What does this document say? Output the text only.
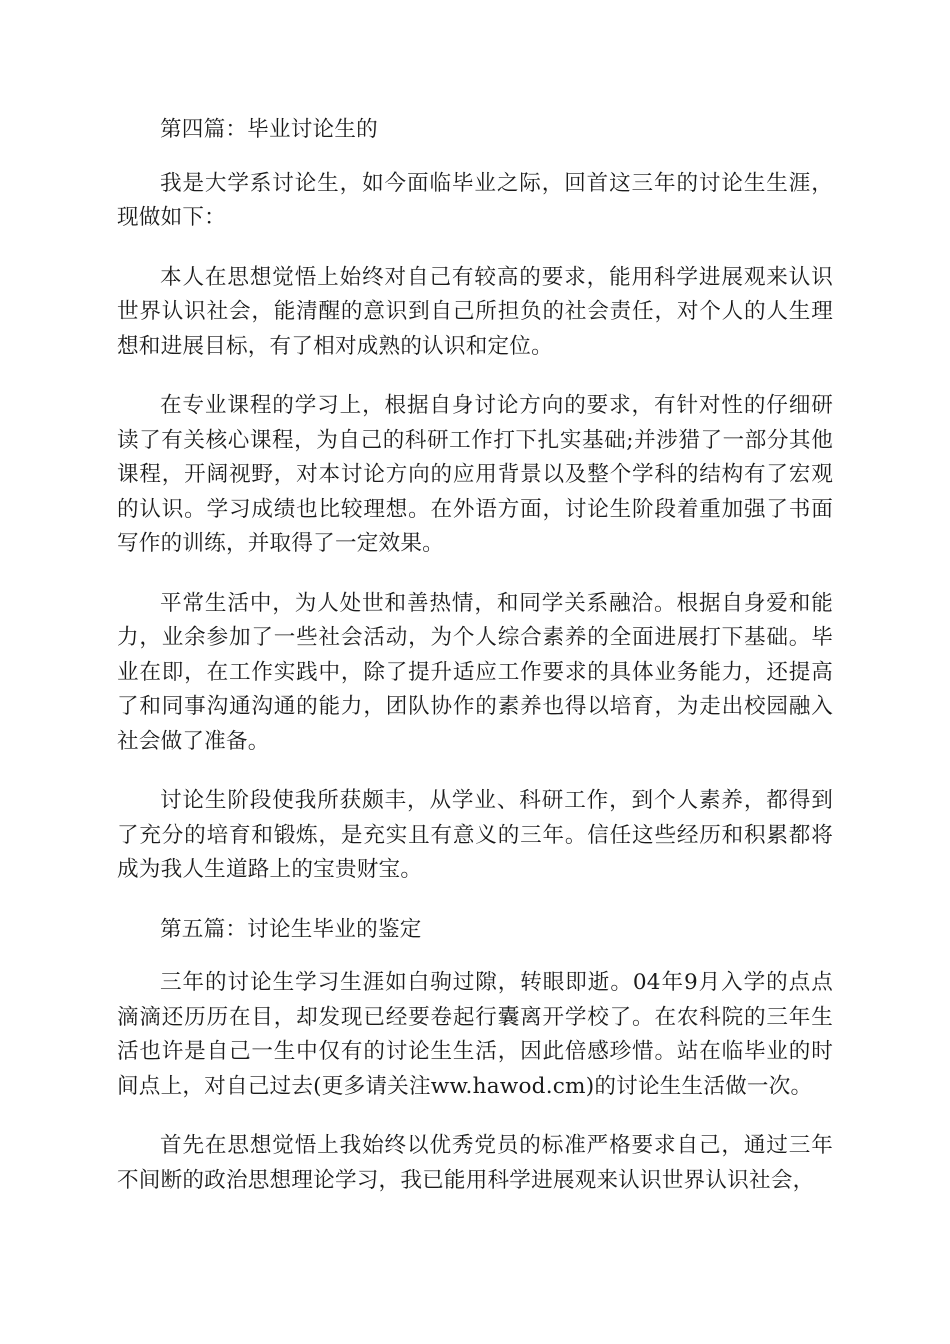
第四篇：毕业讨论生的

我是大学系讨论生，如今面临毕业之际，回首这三年的讨论生生涯，现做如下：

本人在思想觉悟上始终对自己有较高的要求，能用科学进展观来认识世界认识社会，能清醒的意识到自己所担负的社会责任，对个人的人生理想和进展目标，有了相对成熟的认识和定位。

在专业课程的学习上，根据自身讨论方向的要求，有针对性的仔细研读了有关核心课程，为自己的科研工作打下扎实基础;并涉猎了一部分其他课程，开阔视野，对本讨论方向的应用背景以及整个学科的结构有了宏观的认识。学习成绩也比较理想。在外语方面，讨论生阶段着重加强了书面写作的训练，并取得了一定效果。

平常生活中，为人处世和善热情，和同学关系融洽。根据自身爱和能力，业余参加了一些社会活动，为个人综合素养的全面进展打下基础。毕业在即，在工作实践中，除了提升适应工作要求的具体业务能力，还提高了和同事沟通沟通的能力，团队协作的素养也得以培育，为走出校园融入社会做了准备。

讨论生阶段使我所获颇丰，从学业、科研工作，到个人素养，都得到了充分的培育和锻炼，是充实且有意义的三年。信任这些经历和积累都将成为我人生道路上的宝贵财宝。

第五篇：讨论生毕业的鉴定

三年的讨论生学习生涯如白驹过隙，转眼即逝。04年9月入学的点点滴滴还历历在目，却发现已经要卷起行囊离开学校了。在农科院的三年生活也许是自己一生中仅有的讨论生生活，因此倍感珍惜。站在临毕业的时间点上，对自己过去(更多请关注ww.hawod.cm)的讨论生生活做一次。

首先在思想觉悟上我始终以优秀党员的标准严格要求自己，通过三年不间断的政治思想理论学习，我已能用科学进展观来认识世界认识社会，
